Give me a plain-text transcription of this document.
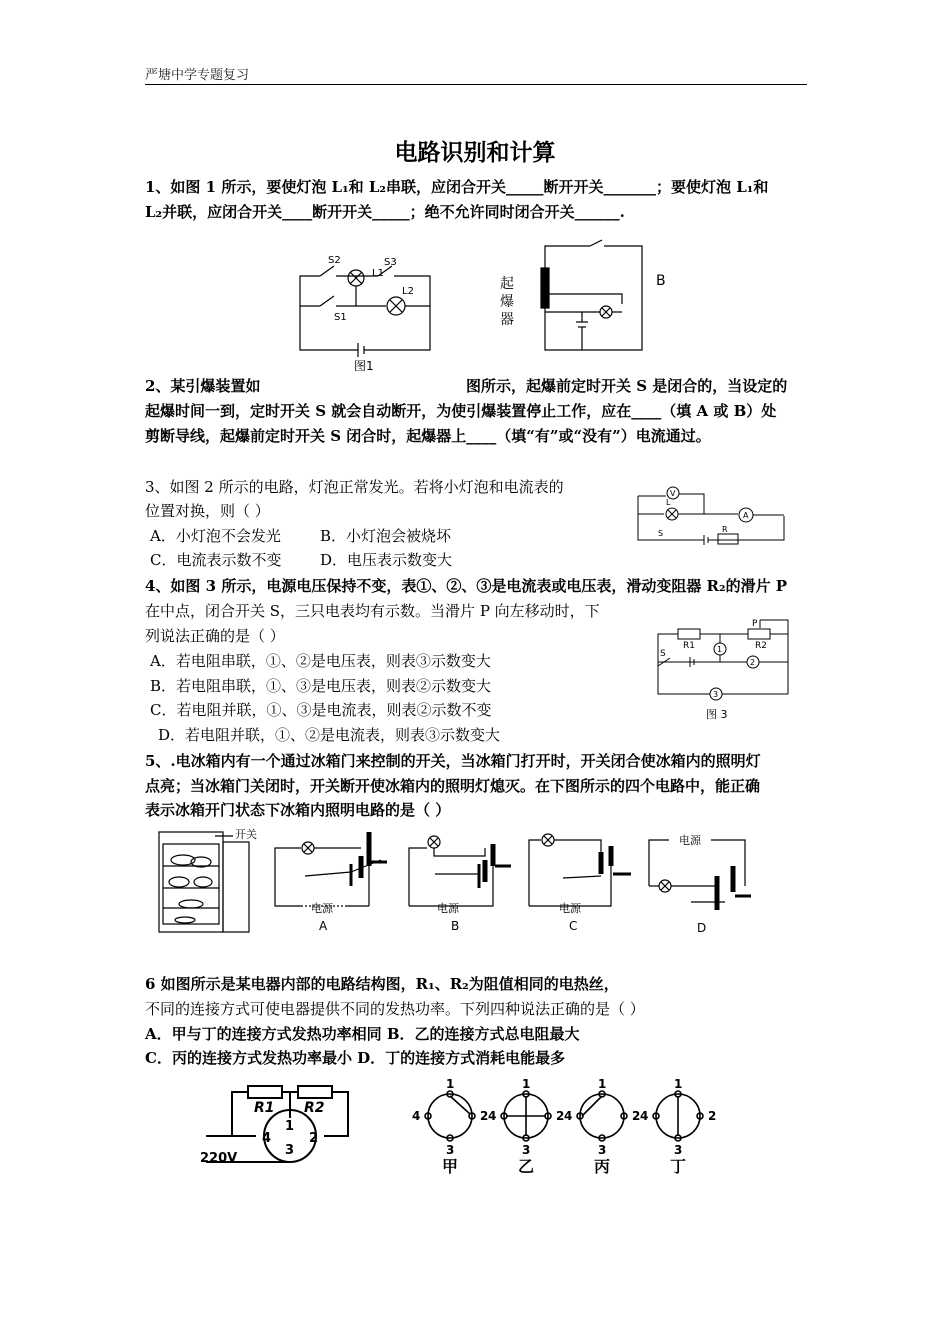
严塘中学专题复习
电路识别和计算
1、如图 1 所示，要使灯泡 L₁和 L₂串联，应闭合开关_____断开开关_______；要使灯泡 L₁和
L₂并联，应闭合开关____断开开关_____；绝不允许同时闭合开关______.
S2	S3
L1
L2
S1
图1
起
爆
器
B
2、某引爆装置如	图所示，起爆前定时开关 S 是闭合的，当设定的
起爆时间一到，定时开关 S 就会自动断开，为使引爆装置停止工作，应在____（填 A 或 B）处
剪断导线，起爆前定时开关 S 闭合时，起爆器上____（填“有”或“没有”）电流通过。
3、如图 2 所示的电路，灯泡正常发光。若将小灯泡和电流表的
位置对换，则（ ）
A．小灯泡不会发光	B．小灯泡会被烧坏
C．电流表示数不变	D．电压表示数变大
V
A
L
S	R
4、如图 3 所示，电源电压保持不变，表①、②、③是电流表或电压表，滑动变阻器 R₂的滑片 P
在中点，闭合开关 S，三只电表均有示数。当滑片 P 向左移动时，下
列说法正确的是（ ）
A．若电阻串联，①、②是电压表，则表③示数变大
B．若电阻串联，①、③是电压表，则表②示数变大
C．若电阻并联，①、③是电流表，则表②示数不变
D．若电阻并联，①、②是电流表，则表③示数变大
P
R1	R2
S	1
2
3
图 3
5、.电冰箱内有一个通过冰箱门来控制的开关，当冰箱门打开时，开关闭合使冰箱内的照明灯
点亮；当冰箱门关闭时，开关断开使冰箱内的照明灯熄灭。在下图所示的四个电路中，能正确
表示冰箱开门状态下冰箱内照明电路的是（ ）
开关
电源	电源	电源
电源
A	B	C	D
6 如图所示是某电器内部的电路结构图，R₁、R₂为阻值相同的电热丝，
不同的连接方式可使电器提供不同的发热功率。下列四种说法正确的是（ ）
A．甲与丁的连接方式发热功率相同 B．乙的连接方式总电阻最大
C．丙的连接方式发热功率最小 D．丁的连接方式消耗电能最多
R1 R2
1
2
3
4
220V
1
2
3
4
1
2
3
4
1
2
3
4
1
2
3
4
甲	乙	丙	丁
